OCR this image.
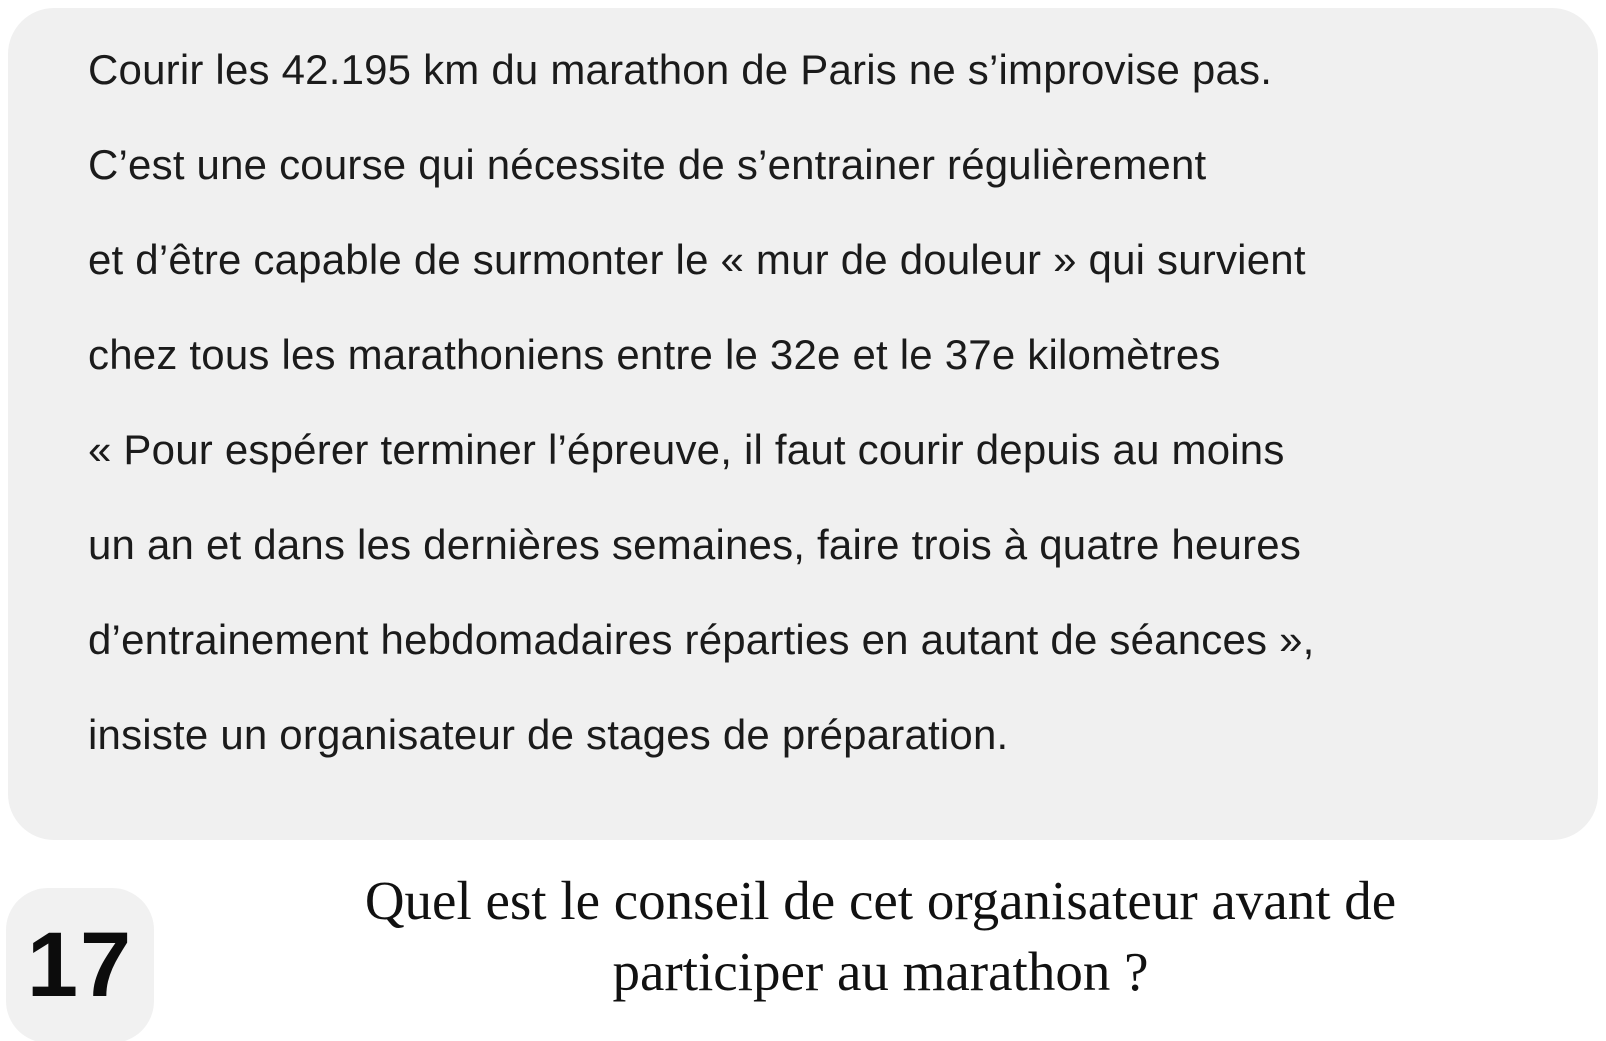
Courir les 42.195 km du marathon de Paris ne s’improvise pas.

C’est une course qui nécessite de s’entrainer régulièrement

et d’être capable de surmonter le « mur de douleur » qui survient

chez tous les marathoniens entre le 32e et le 37e kilomètres

« Pour espérer terminer l’épreuve, il faut courir depuis au moins

un an et dans les dernières semaines, faire trois à quatre heures

d’entrainement hebdomadaires réparties en autant de séances »,

insiste un organisateur de stages de préparation.

17
Quel est le conseil de cet organisateur avant de
participer au marathon ?
